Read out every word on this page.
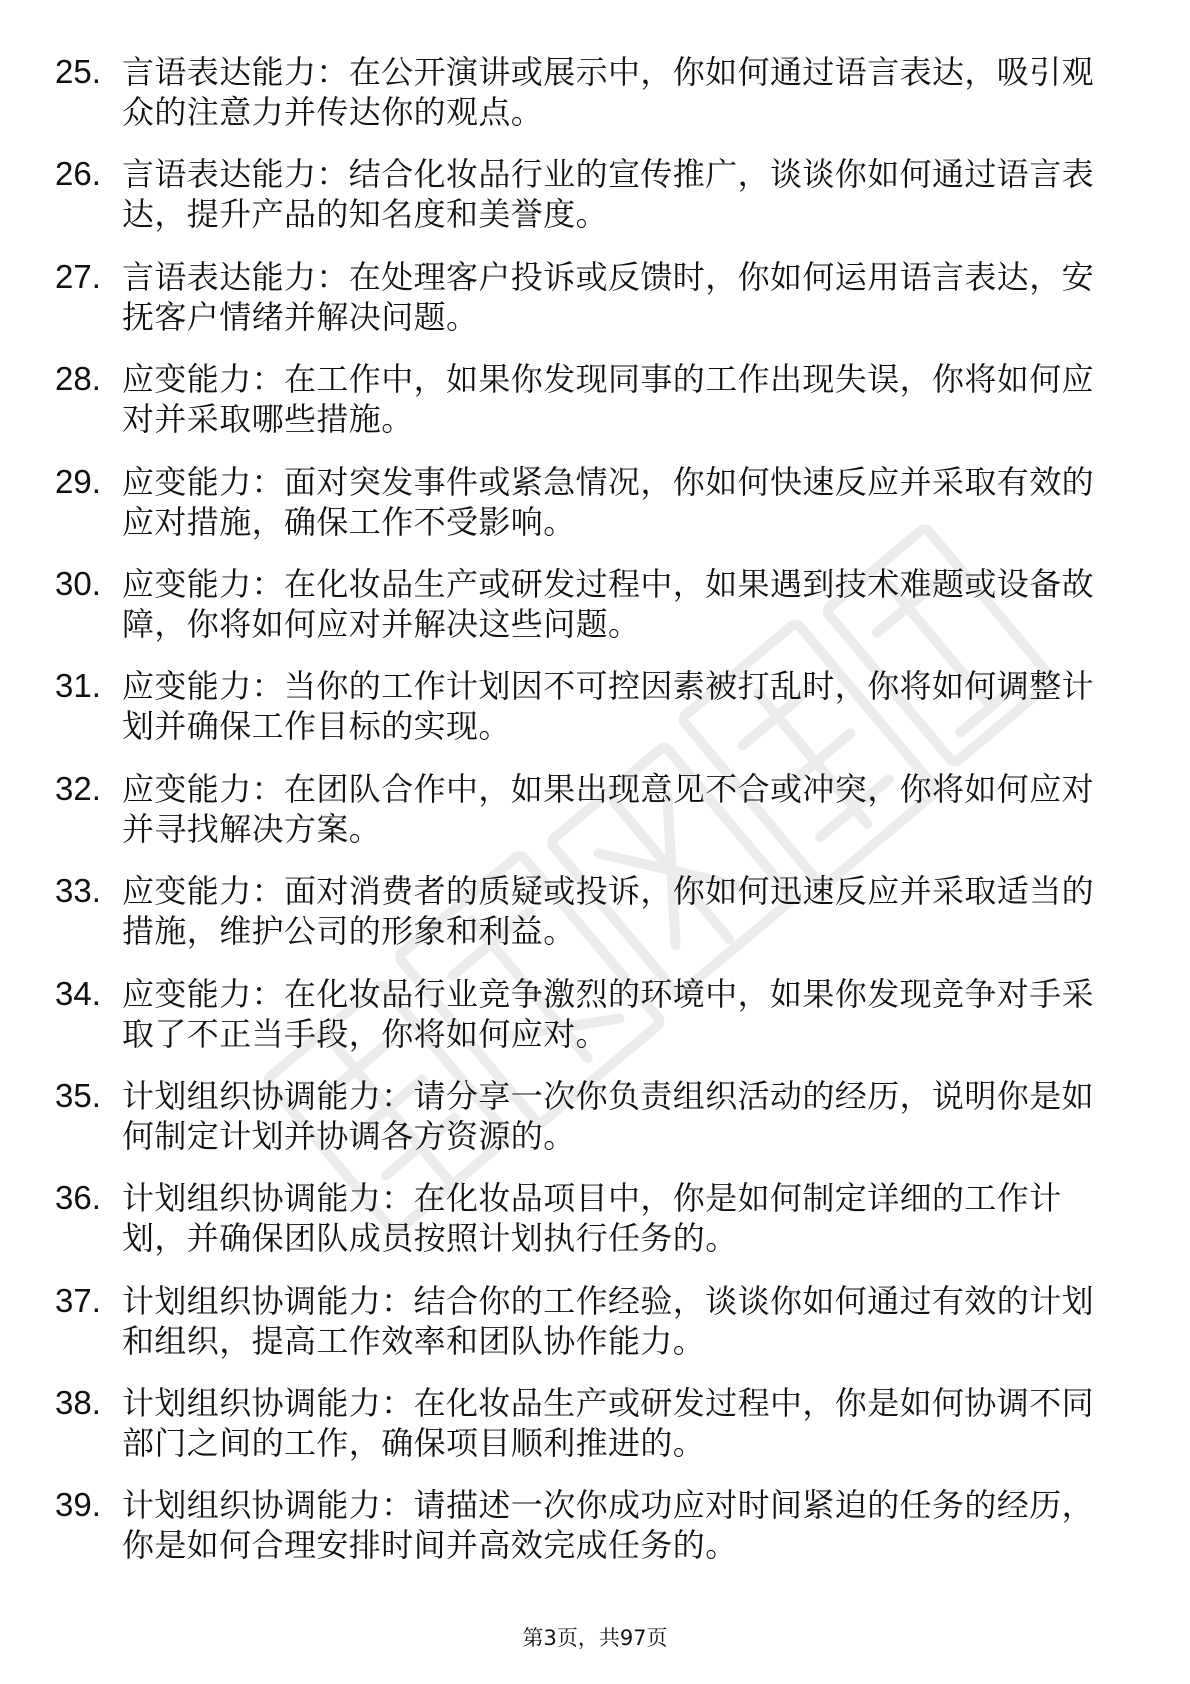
25. 言语表达能力：在公开演讲或展示中，你如何通过语言表达，吸引观众的注意力并传达你的观点。
26. 言语表达能力：结合化妆品行业的宣传推广，谈谈你如何通过语言表达，提升产品的知名度和美誉度。
27. 言语表达能力：在处理客户投诉或反馈时，你如何运用语言表达，安抚客户情绪并解决问题。
28. 应变能力：在工作中，如果你发现同事的工作出现失误，你将如何应对并采取哪些措施。
29. 应变能力：面对突发事件或紧急情况，你如何快速反应并采取有效的应对措施，确保工作不受影响。
30. 应变能力：在化妆品生产或研发过程中，如果遇到技术难题或设备故障，你将如何应对并解决这些问题。
31. 应变能力：当你的工作计划因不可控因素被打乱时，你将如何调整计划并确保工作目标的实现。
32. 应变能力：在团队合作中，如果出现意见不合或冲突，你将如何应对并寻找解决方案。
33. 应变能力：面对消费者的质疑或投诉，你如何迅速反应并采取适当的措施，维护公司的形象和利益。
34. 应变能力：在化妆品行业竞争激烈的环境中，如果你发现竞争对手采取了不正当手段，你将如何应对。
35. 计划组织协调能力：请分享一次你负责组织活动的经历，说明你是如何制定计划并协调各方资源的。
36. 计划组织协调能力：在化妆品项目中，你是如何制定详细的工作计划，并确保团队成员按照计划执行任务的。
37. 计划组织协调能力：结合你的工作经验，谈谈你如何通过有效的计划和组织，提高工作效率和团队协作能力。
38. 计划组织协调能力：在化妆品生产或研发过程中，你是如何协调不同部门之间的工作，确保项目顺利推进的。
39. 计划组织协调能力：请描述一次你成功应对时间紧迫的任务的经历，你是如何合理安排时间并高效完成任务的。
第3页，共97页
